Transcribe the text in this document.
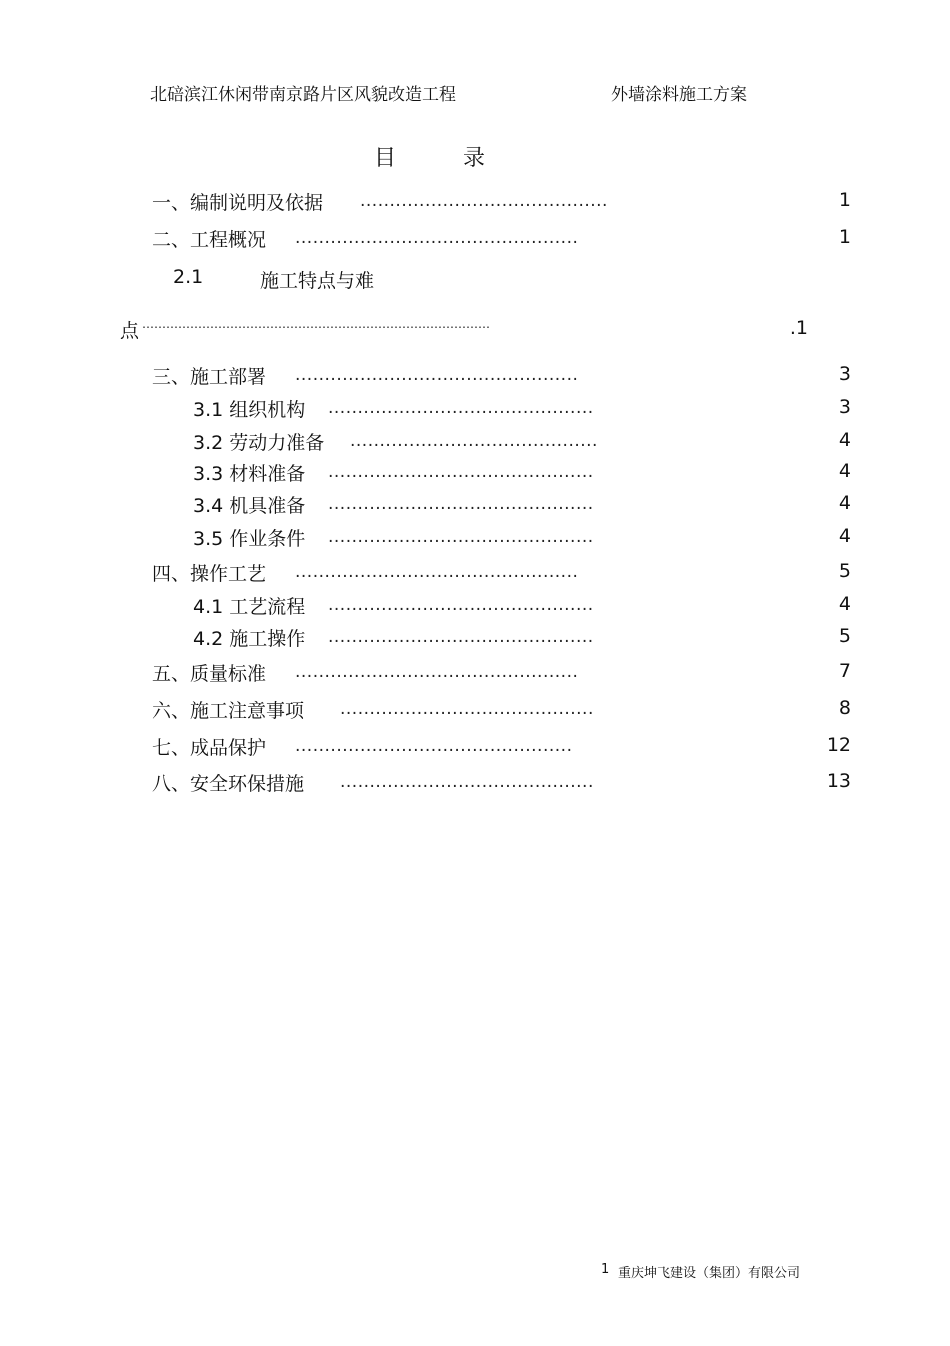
北碚滨江休闲带南京路片区风貌改造工程	外墙涂料施工方案
目	录
一、编制说明及依据 ..........................................	1
二、工程概况 ................................................	1
2.1	施工特点与难
点 ……………………………………………………………………………	.1
三、施工部署 ................................................	3
3.1 组织机构 .............................................	3
3.2 劳动力准备 ..........................................	4
3.3 材料准备 .............................................	4
3.4 机具准备 .............................................	4
3.5 作业条件 .............................................	4
四、操作工艺 ................................................	5
4.1 工艺流程 .............................................	4
4.2 施工操作 .............................................	5
五、质量标准 ................................................	7
六、施工注意事项 ...........................................	8
七、成品保护 ...............................................	12
八、安全环保措施 ...........................................	13
1 重庆坤飞建设（集团）有限公司
